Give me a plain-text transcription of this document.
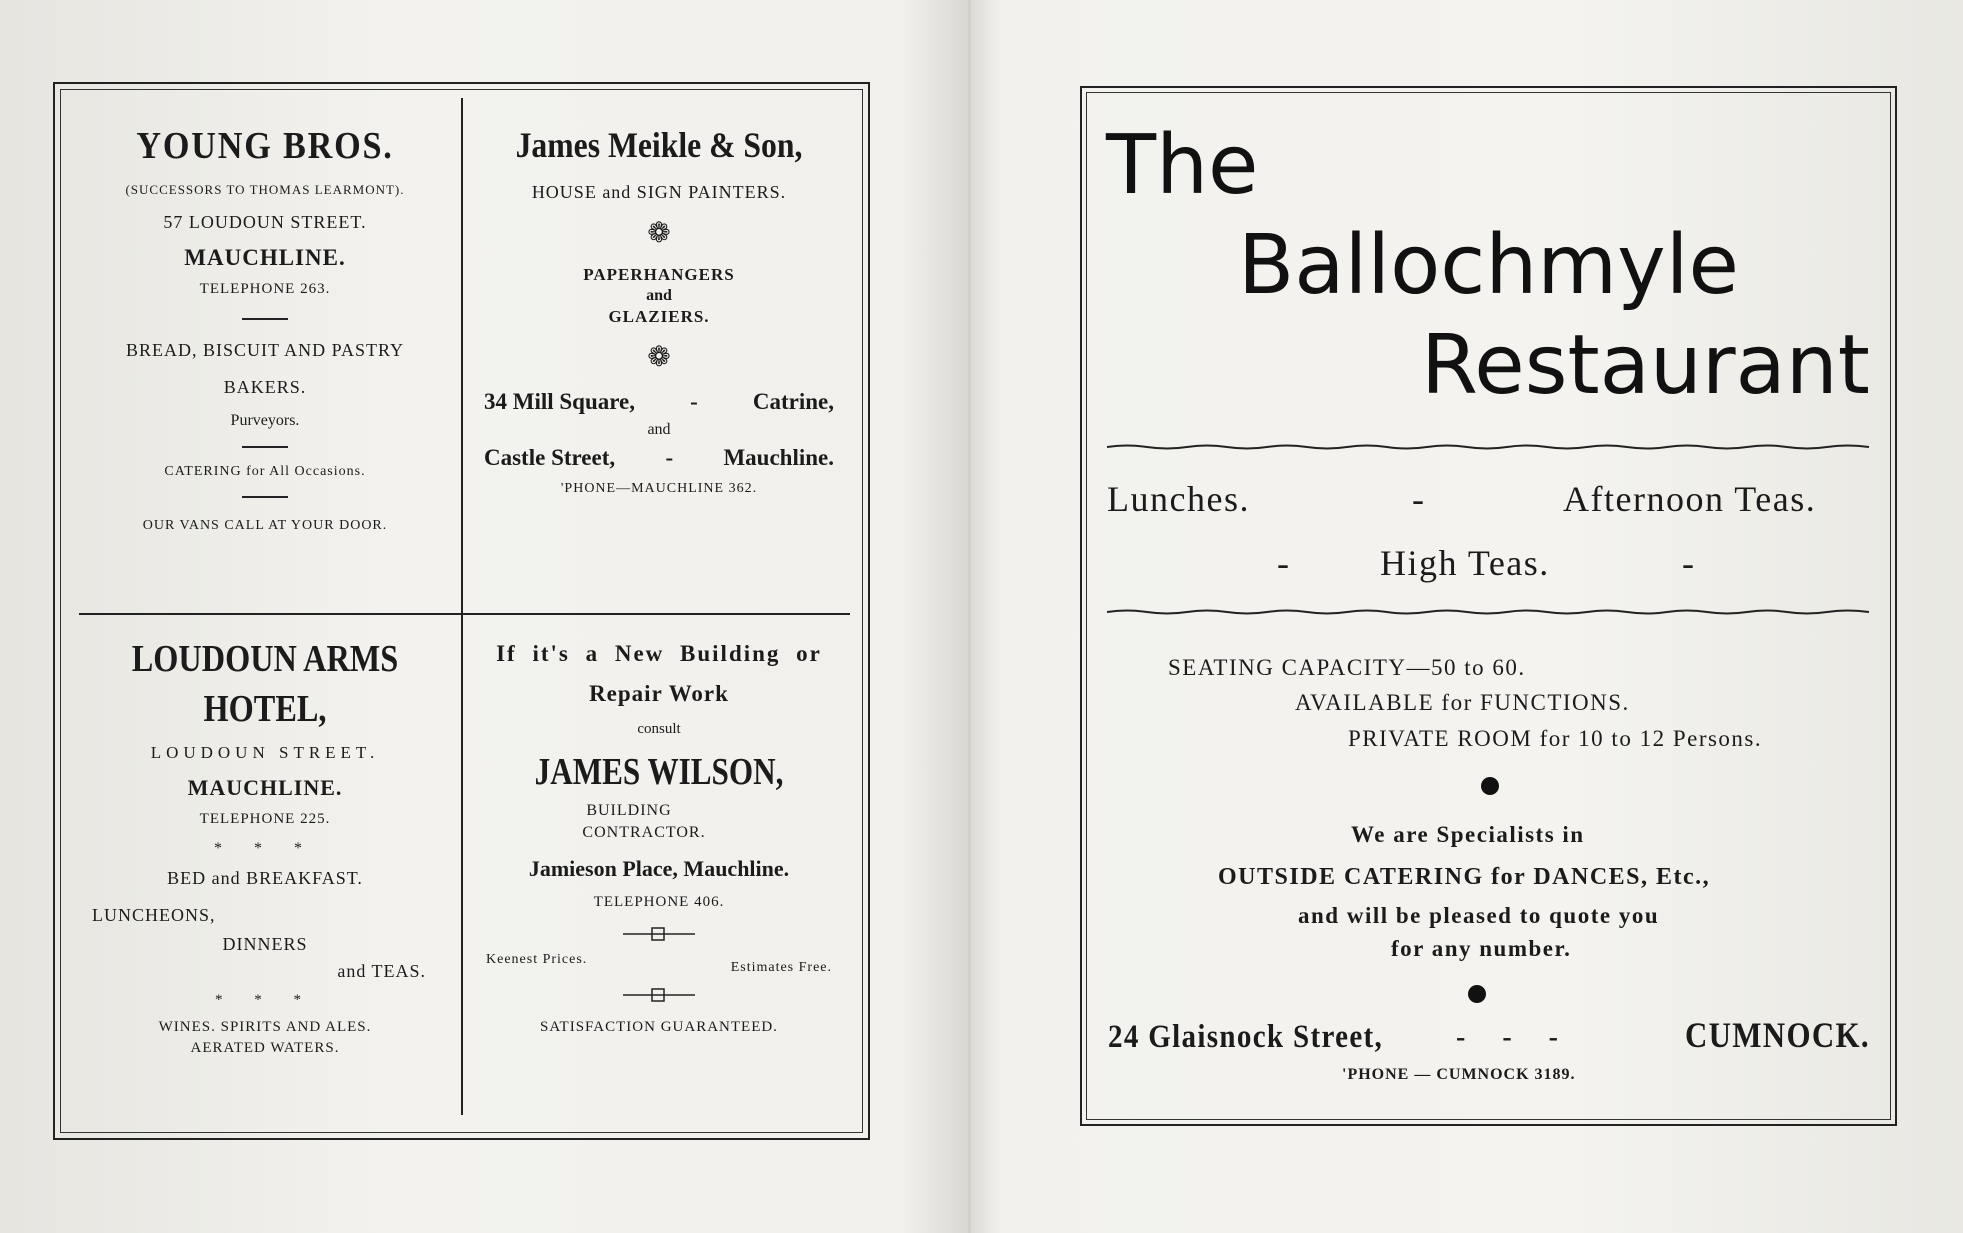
YOUNG BROS.
(SUCCESSORS TO THOMAS LEARMONT).
57 LOUDOUN STREET.
MAUCHLINE.
TELEPHONE 263.
BREAD, BISCUIT AND PASTRY
BAKERS.
Purveyors.
CATERING for All Occasions.
OUR VANS CALL AT YOUR DOOR.
James Meikle & Son,
HOUSE and SIGN PAINTERS.
❁
PAPERHANGERS
and
GLAZIERS.
❁
34 Mill Square, - Catrine,
and
Castle Street, - Mauchline.
'PHONE—MAUCHLINE 362.
LOUDOUN ARMS
HOTEL,
LOUDOUN STREET.
MAUCHLINE.
TELEPHONE 225.
* * *
BED and BREAKFAST.
LUNCHEONS,
DINNERS
and TEAS.
* * *
WINES. SPIRITS AND ALES.
AERATED WATERS.
If it's a New Building or
Repair Work
consult
JAMES WILSON,
BUILDING
CONTRACTOR.
Jamieson Place, Mauchline.
TELEPHONE 406.
Keenest Prices.
Estimates Free.
SATISFACTION GUARANTEED.
The
Ballochmyle
Restaurant
Lunches.	-	Afternoon Teas.
- High Teas.	-
SEATING CAPACITY—50 to 60.
AVAILABLE for FUNCTIONS.
PRIVATE ROOM for 10 to 12 Persons.
We are Specialists in
OUTSIDE CATERING for DANCES, Etc.,
and will be pleased to quote you
for any number.
24 Glaisnock Street,	-   -   -	CUMNOCK.
'PHONE — CUMNOCK 3189.
